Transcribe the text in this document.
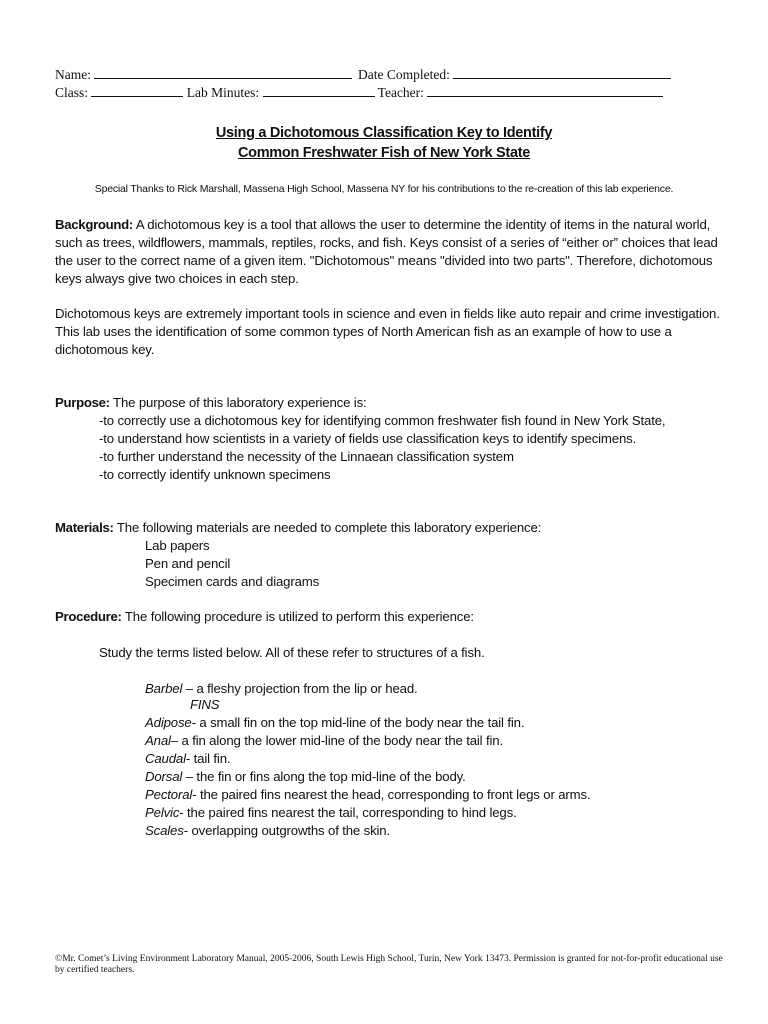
Name:	Date Completed:
Class:	Lab Minutes:	Teacher:
Using a Dichotomous Classification Key to Identify
Common Freshwater Fish of New York State
Special Thanks to Rick Marshall, Massena High School, Massena NY for his contributions to the re-creation of this lab experience.
Background: A dichotomous key is a tool that allows the user to determine the identity of items in the natural world, such as trees, wildflowers, mammals, reptiles, rocks, and fish. Keys consist of a series of “either or” choices that lead the user to the correct name of a given item. "Dichotomous" means "divided into two parts". Therefore, dichotomous keys always give two choices in each step.
Dichotomous keys are extremely important tools in science and even in fields like auto repair and crime investigation. This lab uses the identification of some common types of North American fish as an example of how to use a dichotomous key.
Purpose: The purpose of this laboratory experience is:
-to correctly use a dichotomous key for identifying common freshwater fish found in New York State,
-to understand how scientists in a variety of fields use classification keys to identify specimens.
-to further understand the necessity of the Linnaean classification system
-to correctly identify unknown specimens
Materials: The following materials are needed to complete this laboratory experience:
Lab papers
Pen and pencil
Specimen cards and diagrams
Procedure: The following procedure is utilized to perform this experience:
Study the terms listed below. All of these refer to structures of a fish.
Barbel – a fleshy projection from the lip or head.
FINS
Adipose- a small fin on the top mid-line of the body near the tail fin.
Anal– a fin along the lower mid-line of the body near the tail fin.
Caudal- tail fin.
Dorsal – the fin or fins along the top mid-line of the body.
Pectoral- the paired fins nearest the head, corresponding to front legs or arms.
Pelvic- the paired fins nearest the tail, corresponding to hind legs.
Scales- overlapping outgrowths of the skin.
©Mr. Comet’s Living Environment Laboratory Manual, 2005-2006, South Lewis High School, Turin, New York 13473. Permission is granted for not-for-profit educational use by certified teachers.
